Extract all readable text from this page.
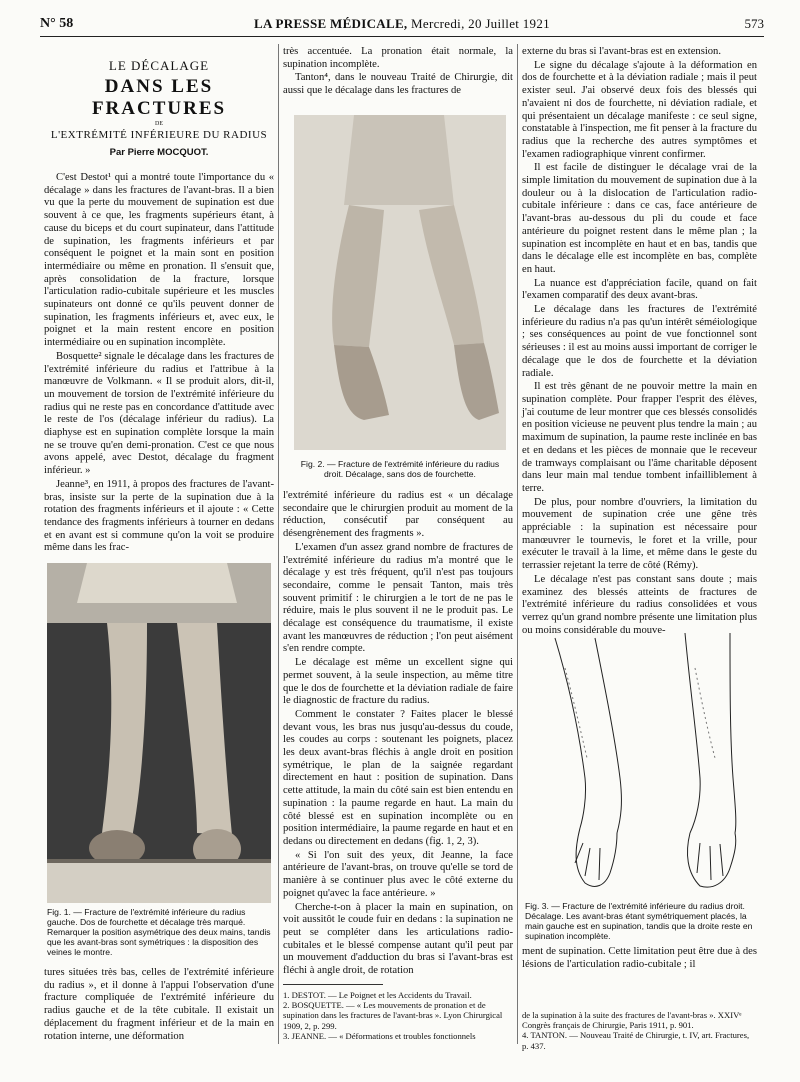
N° 58	LA PRESSE MÉDICALE, Mercredi, 20 Juillet 1921	573
LE DÉCALAGE
DANS LES FRACTURES
DE
L'EXTRÉMITÉ INFÉRIEURE DU RADIUS
Par Pierre MOCQUOT.

C'est Destot¹ qui a montré toute l'importance du « décalage » dans les fractures de l'avant-bras. Il a bien vu que la perte du mouvement de supination est due souvent à ce que, les fragments supérieurs étant, à cause du biceps et du court supinateur, dans l'attitude de supination, les fragments inférieurs et par conséquent le poignet et la main sont en position intermédiaire ou même en pronation. Il s'ensuit que, après consolidation de la fracture, lorsque l'articulation radio-cubitale supérieure et les muscles supinateurs ont donné ce qu'ils peuvent donner de supination, les fragments inférieurs et, avec eux, le poignet et la main restent encore en position intermédiaire ou en supination incomplète.

Bosquette² signale le décalage dans les fractures de l'extrémité inférieure du radius et l'attribue à la manœuvre de Volkmann. « Il se produit alors, dit-il, un mouvement de torsion de l'extrémité inférieure du radius qui ne reste pas en concordance d'attitude avec le reste de l'os (décalage inférieur du radius). La diaphyse est en supination complète lorsque la main ne se trouve qu'en demi-pronation. C'est ce que nous avons appelé, avec Destot, décalage du fragment inférieur. »

Jeanne³, en 1911, à propos des fractures de l'avant-bras, insiste sur la perte de la supination due à la rotation des fragments inférieurs et il ajoute : « Cette tendance des fragments inférieurs à tourner en dedans et en avant est si commune qu'on la voit se produire même dans les frac-

Fig. 1. — Fracture de l'extrémité inférieure du radius gauche. Dos de fourchette et décalage très marqué. Remarquer la position asymétrique des deux mains, tandis que les avant-bras sont symétriques : la disposition des veines le montre.

tures situées très bas, celles de l'extrémité inférieure du radius », et il donne à l'appui l'observation d'une fracture compliquée de l'extrémité inférieure du radius gauche et de la tête cubitale. Il existait un déplacement du fragment inférieur et de la main en rotation interne, une déformation

très accentuée. La pronation était normale, la supination incomplète.

Tanton⁴, dans le nouveau Traité de Chirurgie, dit aussi que le décalage dans les fractures de

Fig. 2. — Fracture de l'extrémité inférieure du radius droit. Décalage, sans dos de fourchette.

l'extrémité inférieure du radius est « un décalage secondaire que le chirurgien produit au moment de la réduction, consécutif par conséquent au désengrènement des fragments ».

L'examen d'un assez grand nombre de fractures de l'extrémité inférieure du radius m'a montré que le décalage y est très fréquent, qu'il n'est pas toujours secondaire, comme le pensait Tanton, mais très souvent primitif : le chirurgien a le tort de ne pas le réduire, mais le plus souvent il ne le produit pas. Le décalage est conséquence du traumatisme, il existe avant les manœuvres de réduction ; l'on peut aisément s'en rendre compte.

Le décalage est même un excellent signe qui permet souvent, à la seule inspection, au même titre que le dos de fourchette et la déviation radiale de faire le diagnostic de fracture du radius.

Comment le constater ? Faites placer le blessé devant vous, les bras nus jusqu'au-dessus du coude, les coudes au corps : soutenant les poignets, placez les deux avant-bras fléchis à angle droit en position symétrique, le plan de la saignée regardant directement en haut : position de supination. Dans cette attitude, la main du côté sain est bien entendu en supination : la paume regarde en haut. La main du côté blessé est en supination incomplète ou en position intermédiaire, la paume regarde en haut et en dedans ou directement en dedans (fig. 1, 2, 3).

« Si l'on suit des yeux, dit Jeanne, la face antérieure de l'avant-bras, on trouve qu'elle se tord de manière à se continuer plus avec le côté externe du poignet qu'avec la face antérieure. »

Cherche-t-on à placer la main en supination, on voit aussitôt le coude fuir en dedans : la supination ne peut se compléter dans les articulations radio-cubitales et le blessé compense autant qu'il peut par un mouvement d'adduction du bras si l'avant-bras est fléchi à angle droit, de rotation

externe du bras si l'avant-bras est en extension.

Le signe du décalage s'ajoute à la déformation en dos de fourchette et à la déviation radiale ; mais il peut exister seul. J'ai observé deux fois des blessés qui n'avaient ni dos de fourchette, ni déviation radiale, et qui présentaient un décalage manifeste : ce seul signe, constatable à l'inspection, me fit penser à la fracture du radius que la recherche des autres symptômes et l'examen radiographique vinrent confirmer.

Il est facile de distinguer le décalage vrai de la simple limitation du mouvement de supination due à la douleur ou à la dislocation de l'articulation radio-cubitale inférieure : dans ce cas, face antérieure de l'avant-bras au-dessous du pli du coude et face antérieure du poignet restent dans le même plan ; la supination est incomplète en haut et en bas, tandis que dans le décalage elle est incomplète en bas, complète en haut.

La nuance est d'appréciation facile, quand on fait l'examen comparatif des deux avant-bras.

Le décalage dans les fractures de l'extrémité inférieure du radius n'a pas qu'un intérêt séméiologique ; ses conséquences au point de vue fonctionnel sont sérieuses : il est au moins aussi important de corriger le décalage que le dos de fourchette et la déviation radiale.

Il est très gênant de ne pouvoir mettre la main en supination complète. Pour frapper l'esprit des élèves, j'ai coutume de leur montrer que ces blessés consolidés en position vicieuse ne peuvent plus tendre la main ; au maximum de supination, la paume reste inclinée en bas et en dedans et les pièces de monnaie que le receveur de tramways complaisant ou l'âme charitable déposent dans leur main mal tendue tombent infailliblement à terre.

De plus, pour nombre d'ouvriers, la limitation du mouvement de supination crée une gêne très appréciable : la supination est nécessaire pour manœuvrer le tournevis, le foret et la vrille, pour exécuter le travail à la lime, et même dans le geste du terrassier rejetant la terre de côté (Rémy).

Le décalage n'est pas constant sans doute ; mais examinez des blessés atteints de fractures de l'extrémité inférieure du radius consolidées et vous verrez qu'un grand nombre présente une limitation plus ou moins considérable du mouve-

Fig. 3. — Fracture de l'extrémité inférieure du radius droit. Décalage. Les avant-bras étant symétriquement placés, la main gauche est en supination, tandis que la droite reste en supination incomplète.

ment de supination. Cette limitation peut être due à des lésions de l'articulation radio-cubitale ; il

1. DESTOT. — Le Poignet et les Accidents du Travail.
2. BOSQUETTE. — « Les mouvements de pronation et de supination dans les fractures de l'avant-bras ». Lyon Chirurgical 1909, 2, p. 299.
3. JEANNE. — « Déformations et troubles fonctionnels
de la supination à la suite des fractures de l'avant-bras ». XXIVᵉ Congrès français de Chirurgie, Paris 1911, p. 901.
4. TANTON. — Nouveau Traité de Chirurgie, t. IV, art. Fractures, p. 437.
